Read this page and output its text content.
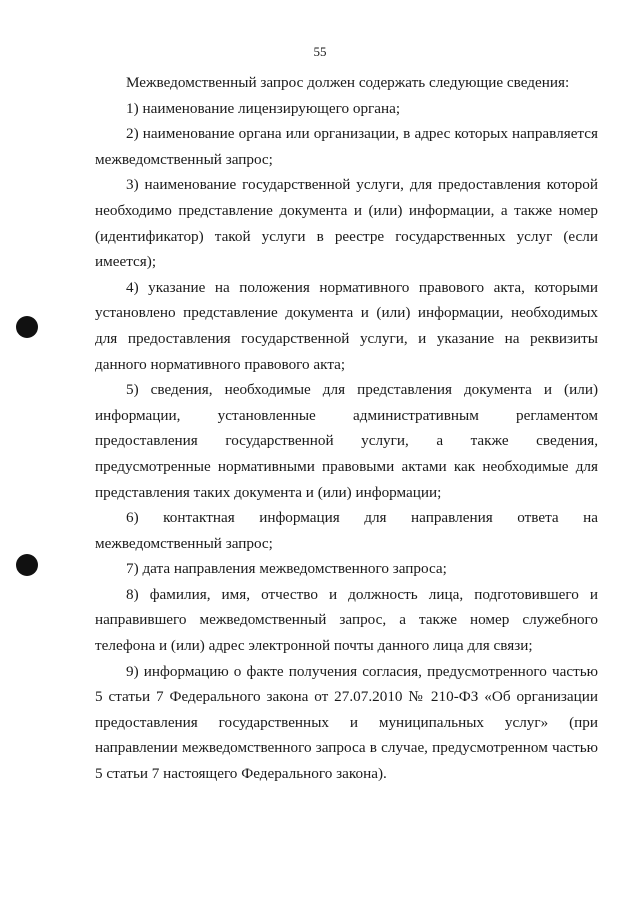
55

Межведомственный запрос должен содержать следующие сведения:

1) наименование лицензирующего органа;

2) наименование органа или организации, в адрес которых направляется межведомственный запрос;

3) наименование государственной услуги, для предоставления которой необходимо представление документа и (или) информации, а также номер (идентификатор) такой услуги в реестре государственных услуг (если имеется);

4) указание на положения нормативного правового акта, которыми установлено представление документа и (или) информации, необходимых для предоставления государственной услуги, и указание на реквизиты данного нормативного правового акта;

5) сведения, необходимые для представления документа и (или) информации, установленные административным регламентом предоставления государственной услуги, а также сведения, предусмотренные нормативными правовыми актами как необходимые для представления таких документа и (или) информации;

6) контактная информация для направления ответа на межведомственный запрос;

7) дата направления межведомственного запроса;

8) фамилия, имя, отчество и должность лица, подготовившего и направившего межведомственный запрос, а также номер служебного телефона и (или) адрес электронной почты данного лица для связи;

9) информацию о факте получения согласия, предусмотренного частью 5 статьи 7 Федерального закона от 27.07.2010 № 210-ФЗ «Об организации предоставления государственных и муниципальных услуг» (при направлении межведомственного запроса в случае, предусмотренном частью 5 статьи 7 настоящего Федерального закона).
